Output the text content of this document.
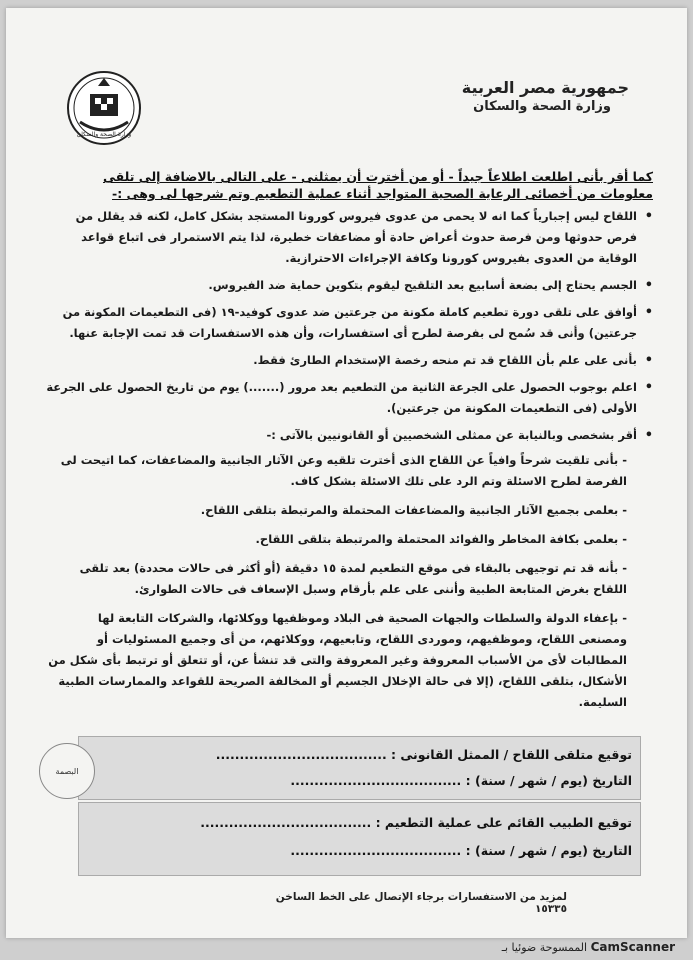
جمهورية مصر العربية
وزارة الصحة والسكان
وزارة الصحة والسكان
كما أقر بأنى اطلعت اطلاعاً جيداً - أو من أخترت أن يمثلنى - على التالى بالاضافة إلى تلقى معلومات من أخصائى الرعاية الصحية المتواجد أثناء عملية التطعيم وتم شرحها لى وهى :-
• اللقاح ليس إجبارياً كما انه لا يحمى من عدوى فيروس كورونا المستجد بشكل كامل، لكنه قد يقلل من فرص حدوثها ومن فرصة حدوث أعراض حادة أو مضاعفات خطيرة، لذا يتم الاستمرار فى اتباع قواعد الوقاية من العدوى بفيروس كورونا وكافة الإجراءات الاحترازية.
• الجسم يحتاج إلى بضعة أسابيع بعد التلقيح ليقوم بتكوين حماية ضد الفيروس.
• أوافق على تلقى دورة تطعيم كاملة مكونة من جرعتين ضد عدوى كوفيد-١٩ (فى التطعيمات المكونة من جرعتين) وأنى قد سُمح لى بفرصة لطرح أى استفسارات، وأن هذه الاستفسارات قد تمت الإجابة عنها.
• بأنى على علم بأن اللقاح قد تم منحه رخصة الإستخدام الطارئ فقط.
• اعلم بوجوب الحصول على الجرعة الثانية من التطعيم بعد مرور (.......) يوم من تاريخ الحصول على الجرعة الأولى (فى التطعيمات المكونة من جرعتين).
• أقر بشخصى وبالنيابة عن ممثلى الشخصيين أو القانونيين بالآتى :-
- بأنى تلقيت شرحاً وافياً عن اللقاح الذى أخترت تلقيه وعن الآثار الجانبية والمضاعفات، كما اتيحت لى الفرصة لطرح الاسئلة وتم الرد على تلك الاسئلة بشكل كاف.
- بعلمى بجميع الآثار الجانبية والمضاعفات المحتملة والمرتبطة بتلقى اللقاح.
- بعلمى بكافة المخاطر والفوائد المحتملة والمرتبطة بتلقى اللقاح.
- بأنه قد تم توجيهى بالبقاء فى موقع التطعيم لمدة ١٥ دقيقة (أو أكثر فى حالات محددة) بعد تلقى اللقاح بغرض المتابعة الطبية وأننى على علم بأرقام وسبل الإسعاف فى حالات الطوارئ.
- بإعفاء الدولة والسلطات والجهات الصحية فى البلاد وموظفيها ووكلائها، والشركات التابعة لها ومصنعى اللقاح، وموظفيهم، وموردى اللقاح، وتابعيهم، ووكلائهم، من أى وجميع المسئوليات أو المطالبات لأى من الأسباب المعروفة وغير المعروفة والتى قد تنشأ عن، أو تتعلق أو ترتبط بأى شكل من الأشكال، بتلقى اللقاح، (إلا فى حالة الإخلال الجسيم أو المخالفة الصريحة للقواعد والممارسات الطبية السليمة.
توقيع متلقى اللقاح / الممثل القانونى : ....................................
التاريخ (يوم / شهر / سنة) : ....................................
البصمة
توقيع الطبيب القائم على عملية التطعيم : ....................................
التاريخ (يوم / شهر / سنة) : ....................................
لمزيد من الاستفسارات برجاء الإتصال على الخط الساخن ١٥٣٣٥
الممسوحة ضوئيا بـ CamScanner
